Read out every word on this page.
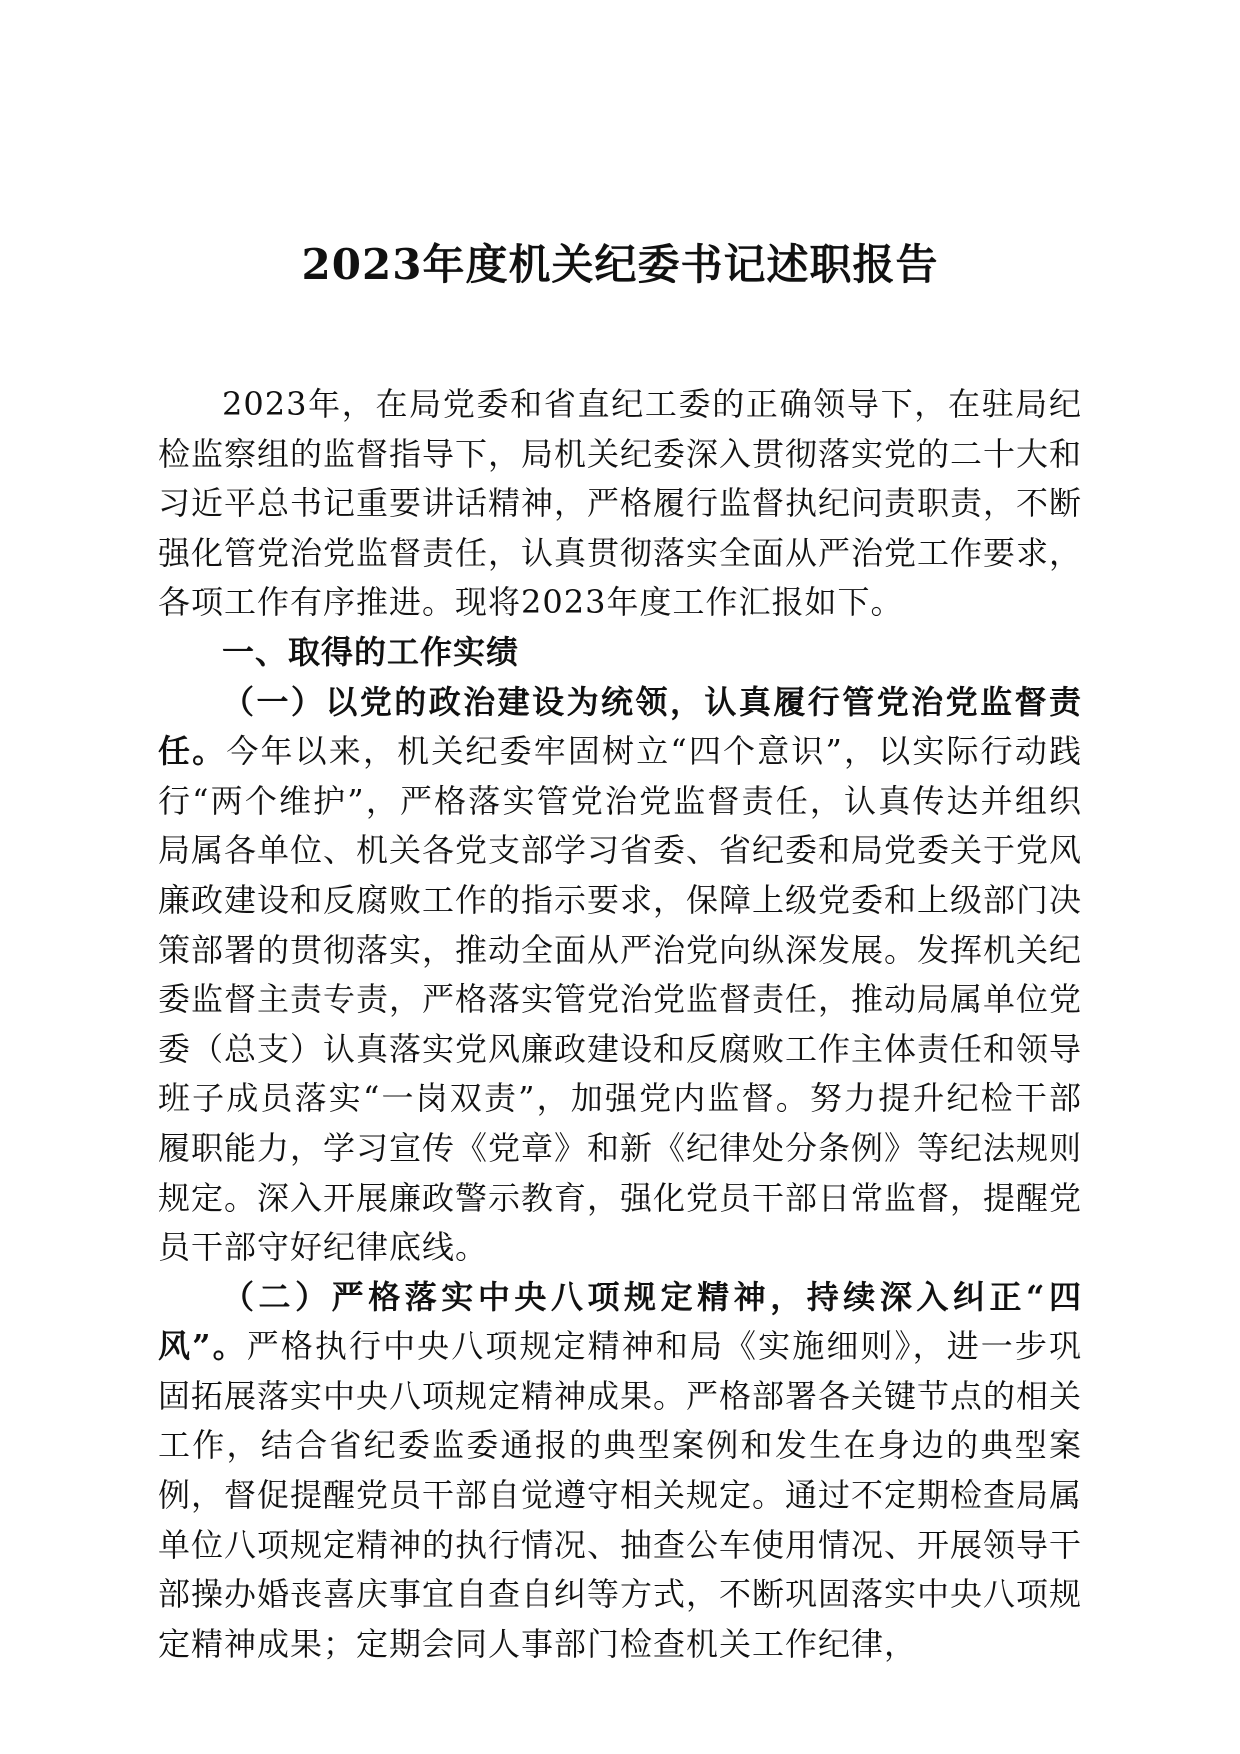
2023年度机关纪委书记述职报告

2023年，在局党委和省直纪工委的正确领导下，在驻局纪检监察组的监督指导下，局机关纪委深入贯彻落实党的二十大和习近平总书记重要讲话精神，严格履行监督执纪问责职责，不断强化管党治党监督责任，认真贯彻落实全面从严治党工作要求，各项工作有序推进。现将2023年度工作汇报如下。

一、取得的工作实绩

（一）以党的政治建设为统领，认真履行管党治党监督责任。今年以来，机关纪委牢固树立“四个意识”，以实际行动践行“两个维护”，严格落实管党治党监督责任，认真传达并组织局属各单位、机关各党支部学习省委、省纪委和局党委关于党风廉政建设和反腐败工作的指示要求，保障上级党委和上级部门决策部署的贯彻落实，推动全面从严治党向纵深发展。发挥机关纪委监督主责专责，严格落实管党治党监督责任，推动局属单位党委（总支）认真落实党风廉政建设和反腐败工作主体责任和领导班子成员落实“一岗双责”，加强党内监督。努力提升纪检干部履职能力，学习宣传《党章》和新《纪律处分条例》等纪法规则规定。深入开展廉政警示教育，强化党员干部日常监督，提醒党员干部守好纪律底线。

（二）严格落实中央八项规定精神，持续深入纠正“四风”。严格执行中央八项规定精神和局《实施细则》，进一步巩固拓展落实中央八项规定精神成果。严格部署各关键节点的相关工作，结合省纪委监委通报的典型案例和发生在身边的典型案例，督促提醒党员干部自觉遵守相关规定。通过不定期检查局属单位八项规定精神的执行情况、抽查公车使用情况、开展领导干部操办婚丧喜庆事宜自查自纠等方式，不断巩固落实中央八项规定精神成果；定期会同人事部门检查机关工作纪律，
